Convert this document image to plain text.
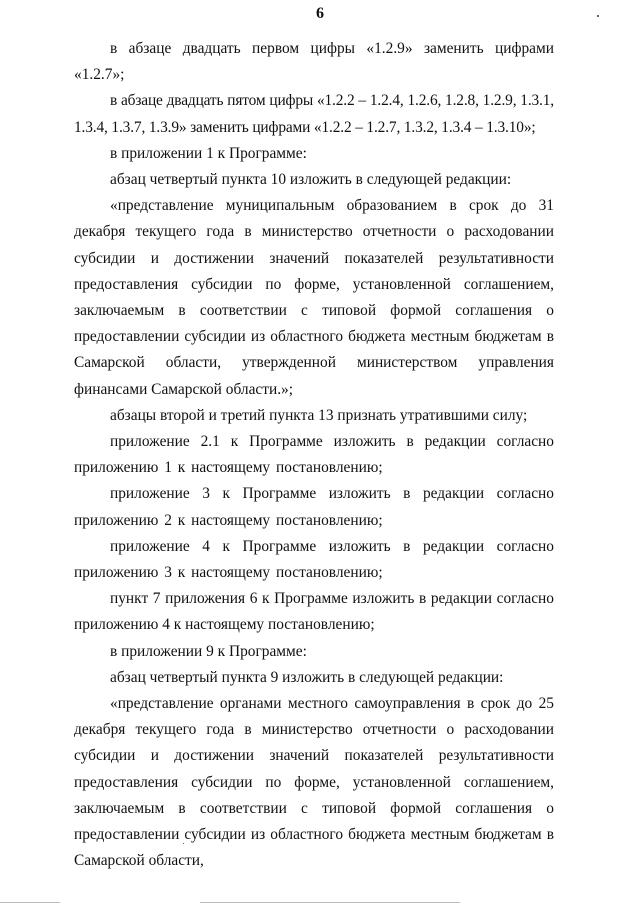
6

в абзаце двадцать первом цифры «1.2.9» заменить цифрами «1.2.7»;

в абзаце двадцать пятом цифры «1.2.2 – 1.2.4, 1.2.6, 1.2.8, 1.2.9, 1.3.1, 1.3.4, 1.3.7, 1.3.9» заменить цифрами «1.2.2 – 1.2.7, 1.3.2, 1.3.4 – 1.3.10»;

в приложении 1 к Программе:

абзац четвертый пункта 10 изложить в следующей редакции:

«представление муниципальным образованием в срок до 31 декабря текущего года в министерство отчетности о расходовании субсидии и достижении значений показателей результативности предоставления субсидии по форме, установленной соглашением, заключаемым в соответствии с типовой формой соглашения о предоставлении субсидии из областного бюджета местным бюджетам в Самарской области, утвержденной министерством управления финансами Самарской области.»;

абзацы второй и третий пункта 13 признать утратившими силу;

приложение 2.1 к Программе изложить в редакции согласно приложению 1 к настоящему постановлению;

приложение 3 к Программе изложить в редакции согласно приложению 2 к настоящему постановлению;

приложение 4 к Программе изложить в редакции согласно приложению 3 к настоящему постановлению;

пункт 7 приложения 6 к Программе изложить в редакции согласно приложению 4 к настоящему постановлению;

в приложении 9 к Программе:

абзац четвертый пункта 9 изложить в следующей редакции:

«представление органами местного самоуправления в срок до 25 декабря текущего года в министерство отчетности о расходовании субсидии и достижении значений показателей результативности предоставления субсидии по форме, установленной соглашением, заключаемым в соответствии с типовой формой соглашения о предоставлении субсидии из областного бюджета местным бюджетам в Самарской области,
